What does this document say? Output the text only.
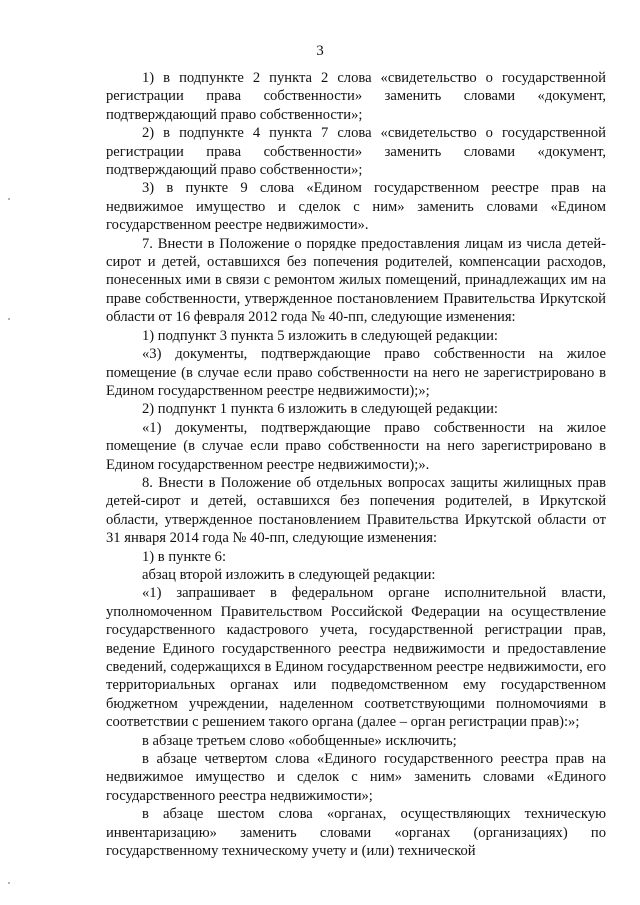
3

1) в подпункте 2 пункта 2 слова «свидетельство о государственной регистрации права собственности» заменить словами «документ, подтверждающий право собственности»;

2) в подпункте 4 пункта 7 слова «свидетельство о государственной регистрации права собственности» заменить словами «документ, подтверждающий право собственности»;

3) в пункте 9 слова «Едином государственном реестре прав на недвижимое имущество и сделок с ним» заменить словами «Едином государственном реестре недвижимости».

7. Внести в Положение о порядке предоставления лицам из числа детей-сирот и детей, оставшихся без попечения родителей, компенсации расходов, понесенных ими в связи с ремонтом жилых помещений, принадлежащих им на праве собственности, утвержденное постановлением Правительства Иркутской области от 16 февраля 2012 года № 40-пп, следующие изменения:

1) подпункт 3 пункта 5 изложить в следующей редакции:

«3) документы, подтверждающие право собственности на жилое помещение (в случае если право собственности на него не зарегистрировано в Едином государственном реестре недвижимости);»;

2) подпункт 1 пункта 6 изложить в следующей редакции:

«1) документы, подтверждающие право собственности на жилое помещение (в случае если право собственности на него зарегистрировано в Едином государственном реестре недвижимости);».

8. Внести в Положение об отдельных вопросах защиты жилищных прав детей-сирот и детей, оставшихся без попечения родителей, в Иркутской области, утвержденное постановлением Правительства Иркутской области от 31 января 2014 года № 40-пп, следующие изменения:

1) в пункте 6:

абзац второй изложить в следующей редакции:

«1) запрашивает в федеральном органе исполнительной власти, уполномоченном Правительством Российской Федерации на осуществление государственного кадастрового учета, государственной регистрации прав, ведение Единого государственного реестра недвижимости и предоставление сведений, содержащихся в Едином государственном реестре недвижимости, его территориальных органах или подведомственном ему государственном бюджетном учреждении, наделенном соответствующими полномочиями в соответствии с решением такого органа (далее – орган регистрации прав):»;

в абзаце третьем слово «обобщенные» исключить;

в абзаце четвертом слова «Единого государственного реестра прав на недвижимое имущество и сделок с ним» заменить словами «Единого государственного реестра недвижимости»;

в абзаце шестом слова «органах, осуществляющих техническую инвентаризацию» заменить словами «органах (организациях) по государственному техническому учету и (или) технической
